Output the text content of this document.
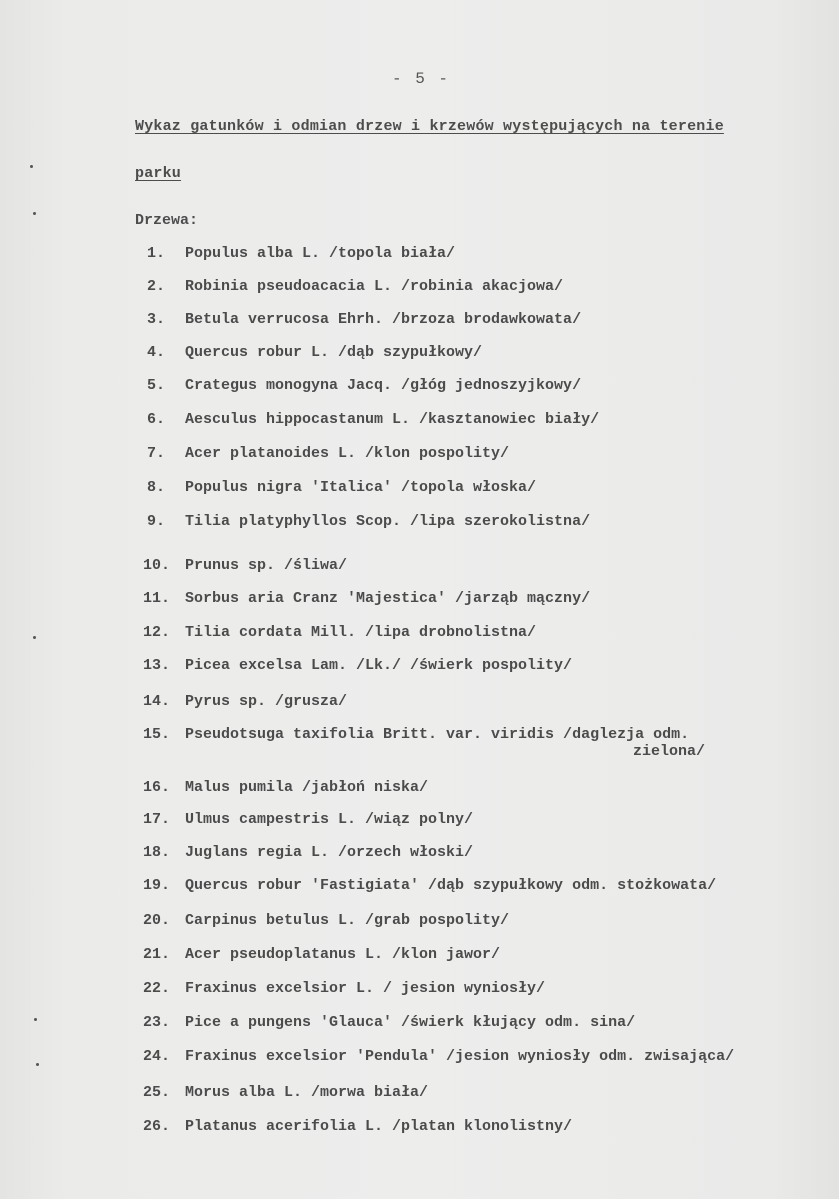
- 5 -
Wykaz gatunków i odmian drzew i krzewów występujących na terenie
parku
Drzewa:
1. Populus alba L. /topola biała/
2. Robinia pseudoacacia L. /robinia akacjowa/
3. Betula verrucosa Ehrh. /brzoza brodawkowata/
4. Quercus robur L. /dąb szypułkowy/
5. Crategus monogyna Jacq. /głóg jednoszyjkowy/
6. Aesculus hippocastanum L. /kasztanowiec biały/
7. Acer platanoides L. /klon pospolity/
8. Populus nigra 'Italica' /topola włoska/
9. Tilia platyphyllos Scop. /lipa szerokolistna/
10. Prunus sp. /śliwa/
11. Sorbus aria Cranz 'Majestica' /jarząb mączny/
12. Tilia cordata Mill. /lipa drobnolistna/
13. Picea excelsa Lam. /Lk./ /świerk pospolity/
14. Pyrus sp. /grusza/
15. Pseudotsuga taxifolia Britt. var. viridis /daglezja odm.
zielona/
16. Malus pumila /jabłoń niska/
17. Ulmus campestris L. /wiąz polny/
18. Juglans regia L. /orzech włoski/
19. Quercus robur 'Fastigiata' /dąb szypułkowy odm. stożkowata/
20. Carpinus betulus L. /grab pospolity/
21. Acer pseudoplatanus L. /klon jawor/
22. Fraxinus excelsior L. / jesion wyniosły/
23. Pice a pungens 'Glauca' /świerk kłujący odm. sina/
24. Fraxinus excelsior 'Pendula' /jesion wyniosły odm. zwisająca/
25. Morus alba L. /morwa biała/
26. Platanus acerifolia L. /platan klonolistny/
